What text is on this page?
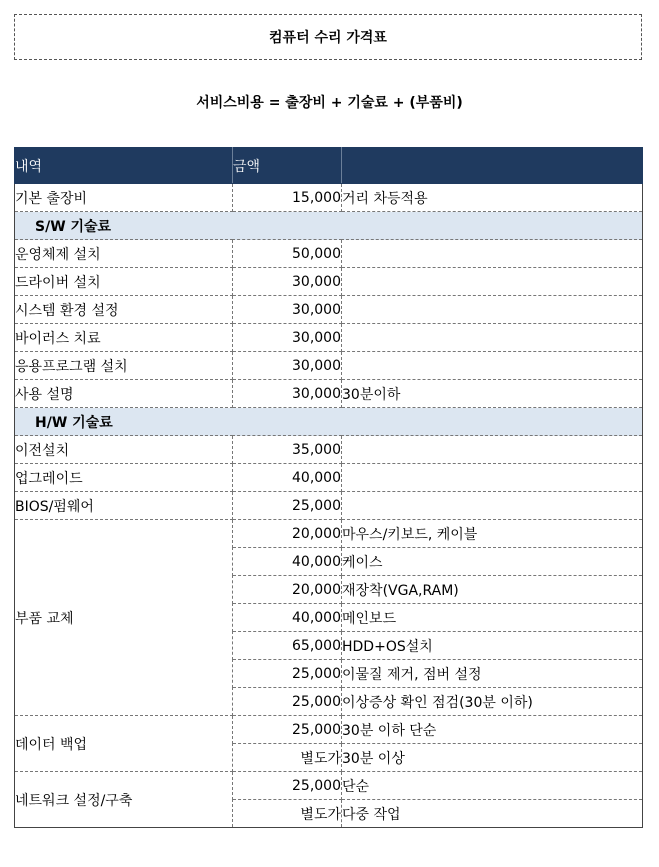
컴퓨터 수리 가격표
서비스비용 = 출장비 + 기술료 + (부품비)
내역	금액	
기본 출장비	15,000	거리 차등적용
S/W 기술료		
운영체제 설치	50,000	
드라이버 설치	30,000	
시스템 환경 설정	30,000	
바이러스 치료	30,000	
응용프로그램 설치	30,000	
사용 설명	30,000	30분이하
H/W 기술료		
이전설치	35,000	
업그레이드	40,000	
BIOS/펌웨어	25,000	
부품 교체	20,000	마우스/키보드, 케이블
	40,000	케이스
	20,000	재장착(VGA,RAM)
	40,000	메인보드
	65,000	HDD+OS설치
	25,000	이물질 제거, 점버 설정
	25,000	이상증상 확인 점검(30분 이하)
데이터 백업	25,000	30분 이하 단순
	별도가	30분 이상
네트워크 설정/구축	25,000	단순
	별도가	다중 작업
